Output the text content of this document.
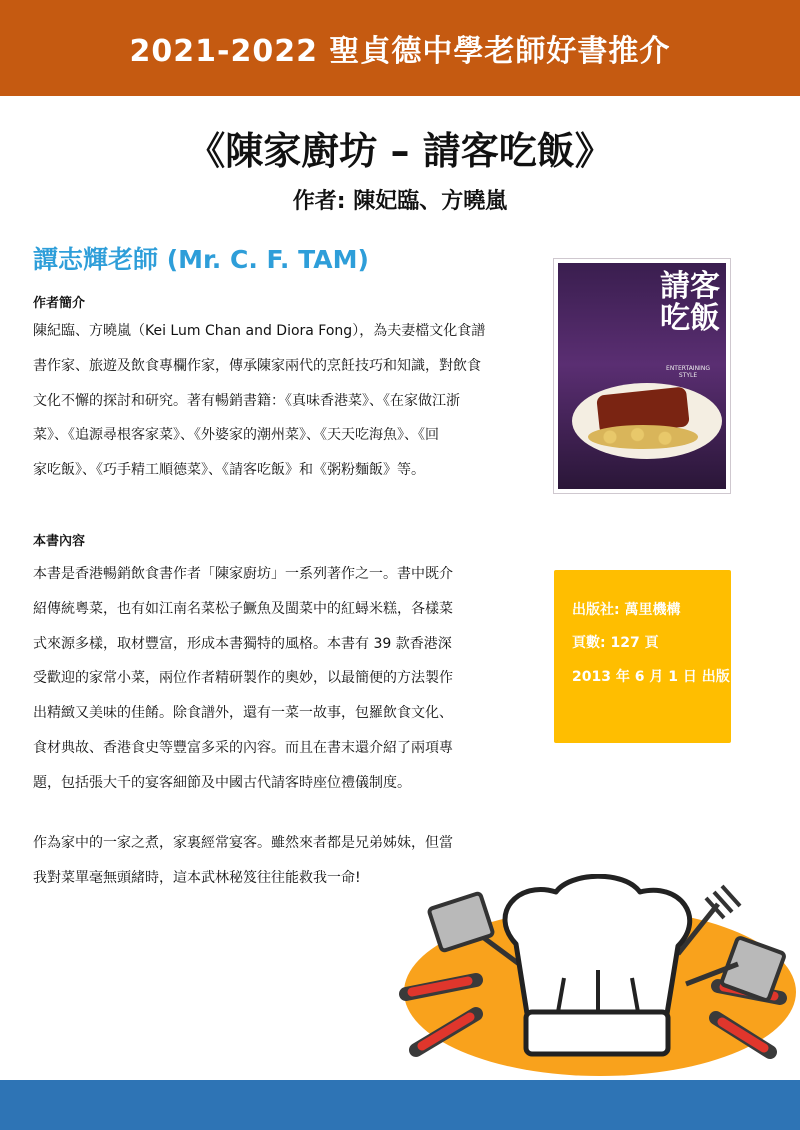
2021-2022 聖貞德中學老師好書推介
《陳家廚坊 – 請客吃飯》
作者: 陳妃臨、方曉嵐
譚志輝老師 (Mr. C. F. TAM)
作者簡介
陳紀臨、方曉嵐（Kei Lum Chan and Diora Fong），為夫妻檔文化食譜
書作家、旅遊及飲食專欄作家，傳承陳家兩代的烹飪技巧和知識，對飲食
文化不懈的探討和研究。著有暢銷書籍：《真味香港菜》、《在家做江浙
菜》、《追源尋根客家菜》、《外婆家的潮州菜》、《天天吃海魚》、《回
家吃飯》、《巧手精工順德菜》、《請客吃飯》和《粥粉麵飯》等。
請客吃飯
ENTERTAINING STYLE
本書內容
本書是香港暢銷飲食書作者「陳家廚坊」一系列著作之一。書中既介
紹傳統粵菜，也有如江南名菜松子鱖魚及閩菜中的紅蟳米糕，各樣菜
式來源多樣，取材豐富，形成本書獨特的風格。本書有 39 款香港深
受歡迎的家常小菜，兩位作者精研製作的奧妙，以最簡便的方法製作
出精緻又美味的佳餚。除食譜外，還有一菜一故事，包羅飲食文化、
食材典故、香港食史等豐富多采的內容。而且在書末還介紹了兩項專
題，包括張大千的宴客細節及中國古代請客時座位禮儀制度。
作為家中的一家之煮，家裏經常宴客。雖然來者都是兄弟姊妹，但當
我對菜單毫無頭緒時，這本武林秘笈往往能救我一命!
出版社: 萬里機構
頁數: 127 頁
2013 年 6 月 1 日 出版
